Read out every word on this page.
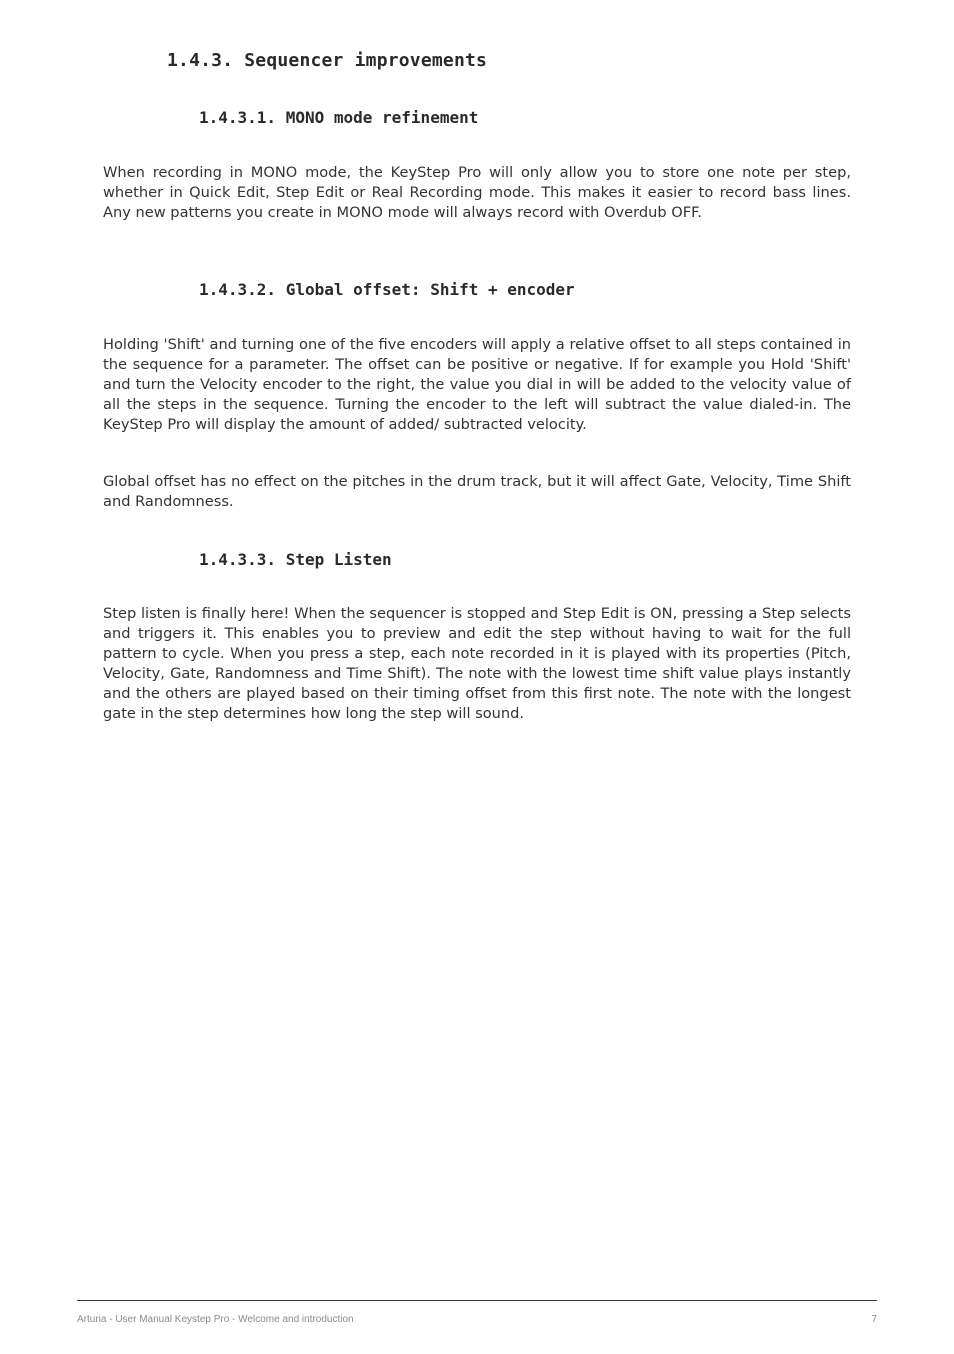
1.4.3. Sequencer improvements
1.4.3.1. MONO mode refinement

When recording in MONO mode, the KeyStep Pro will only allow you to store one note per step, whether in Quick Edit, Step Edit or Real Recording mode. This makes it easier to record bass lines. Any new patterns you create in MONO mode will always record with Overdub OFF.

1.4.3.2. Global offset: Shift + encoder

Holding 'Shift' and turning one of the five encoders will apply a relative offset to all steps contained in the sequence for a parameter. The offset can be positive or negative. If for example you Hold 'Shift' and turn the Velocity encoder to the right, the value you dial in will be added to the velocity value of all the steps in the sequence. Turning the encoder to the left will subtract the value dialed-in. The KeyStep Pro will display the amount of added/ subtracted velocity.

Global offset has no effect on the pitches in the drum track, but it will affect Gate, Velocity, Time Shift and Randomness.

1.4.3.3. Step Listen

Step listen is finally here! When the sequencer is stopped and Step Edit is ON, pressing a Step selects and triggers it. This enables you to preview and edit the step without having to wait for the full pattern to cycle. When you press a step, each note recorded in it is played with its properties (Pitch, Velocity, Gate, Randomness and Time Shift). The note with the lowest time shift value plays instantly and the others are played based on their timing offset from this first note. The note with the longest gate in the step determines how long the step will sound.

Arturia - User Manual Keystep Pro - Welcome and introduction	7
